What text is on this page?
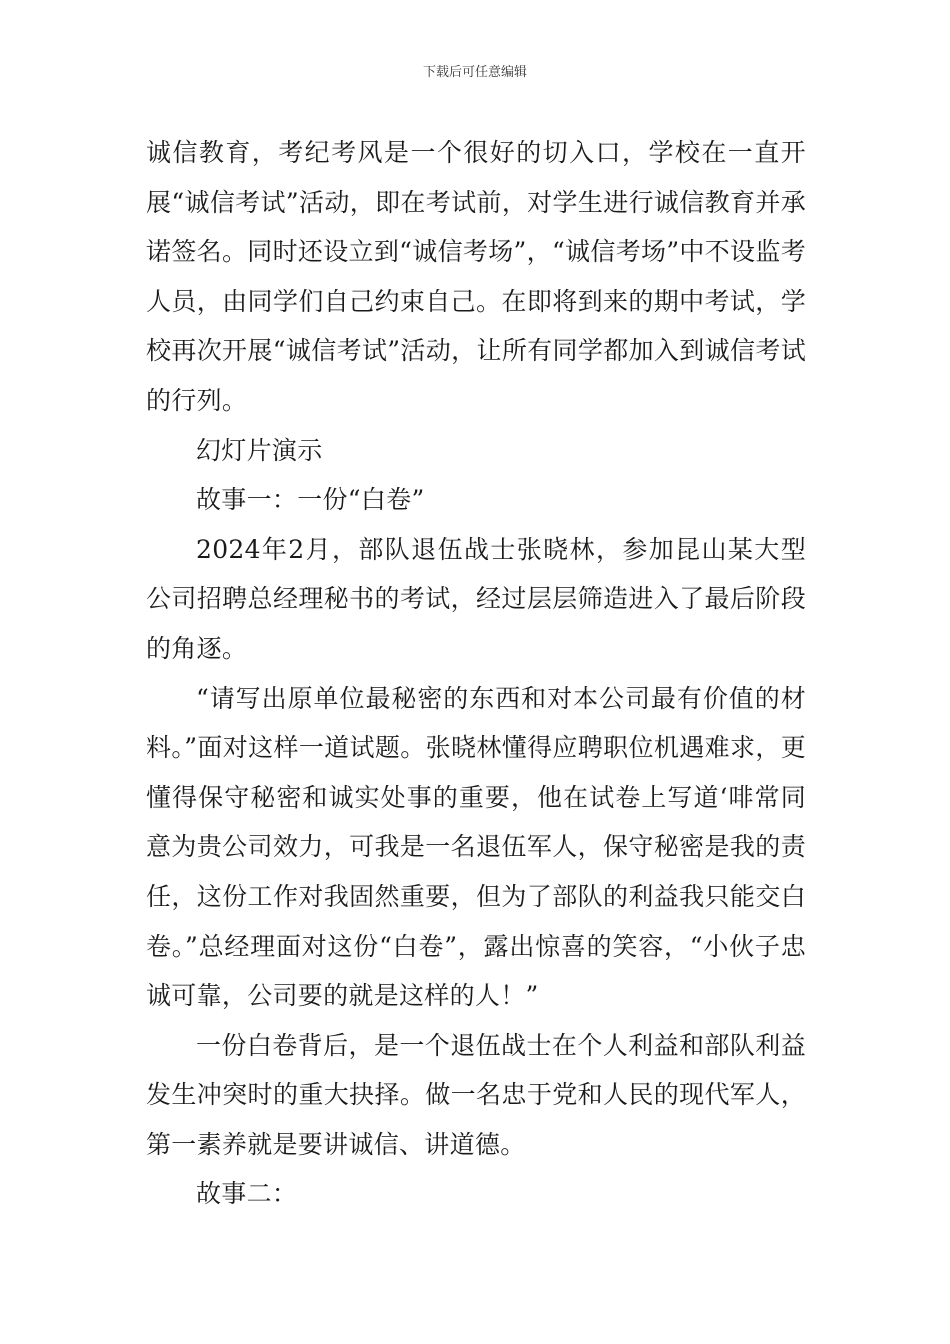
下载后可任意编辑

诚信教育，考纪考风是一个很好的切入口，学校在一直开展“诚信考试”活动，即在考试前，对学生进行诚信教育并承诺签名。同时还设立到“诚信考场”，“诚信考场”中不设监考人员，由同学们自己约束自己。在即将到来的期中考试，学校再次开展“诚信考试”活动，让所有同学都加入到诚信考试的行列。

幻灯片演示

故事一：一份“白卷”

2024年2月，部队退伍战士张晓林，参加昆山某大型公司招聘总经理秘书的考试，经过层层筛造进入了最后阶段的角逐。

“请写出原单位最秘密的东西和对本公司最有价值的材料。”面对这样一道试题。张晓林懂得应聘职位机遇难求，更懂得保守秘密和诚实处事的重要，他在试卷上写道‘啡常同意为贵公司效力，可我是一名退伍军人，保守秘密是我的责任，这份工作对我固然重要，但为了部队的利益我只能交白卷。”总经理面对这份“白卷”，露出惊喜的笑容，“小伙子忠诚可靠，公司要的就是这样的人！”

一份白卷背后，是一个退伍战士在个人利益和部队利益发生冲突时的重大抉择。做一名忠于党和人民的现代军人，第一素养就是要讲诚信、讲道德。

故事二：
